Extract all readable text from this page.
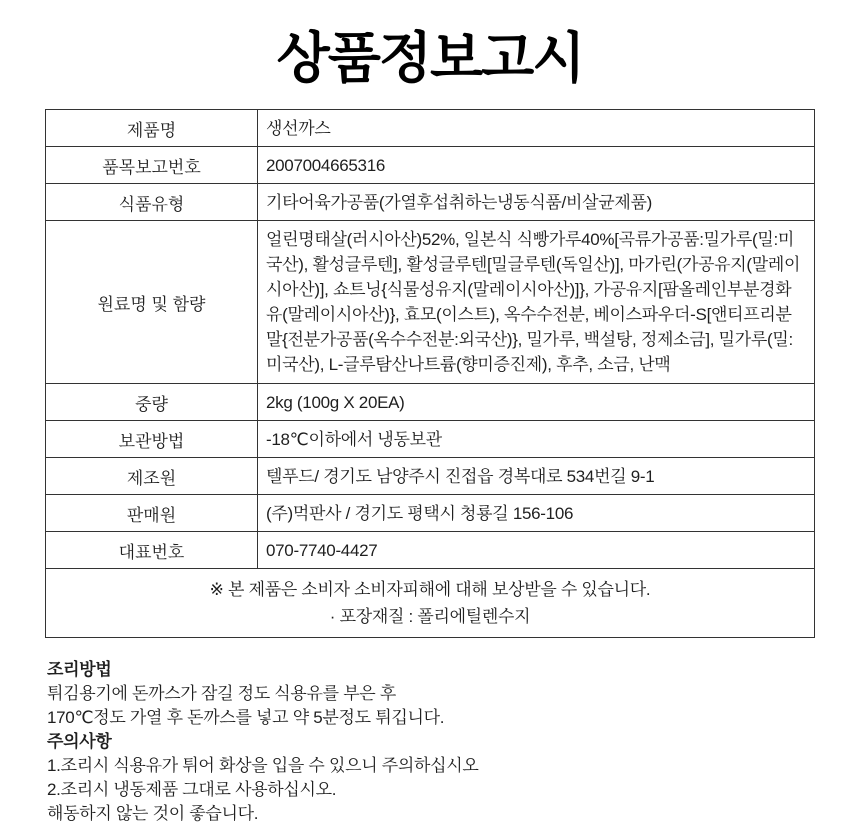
상품정보고시
제품명	생선까스
품목보고번호	2007004665316
식품유형	기타어육가공품(가열후섭취하는냉동식품/비살균제품)
원료명 및 함량	얼린명태살(러시아산)52%, 일본식 식빵가루40%[곡류가공품:밀가루(밀:미국산), 활성글루텐], 활성글루텐[밀글루텐(독일산)], 마가린(가공유지(말레이시아산)], 쇼트닝{식물성유지(말레이시아산)]}, 가공유지[팜올레인부분경화유(말레이시아산)}, 효모(이스트), 옥수수전분, 베이스파우더-S[앤티프리분말{전분가공품(옥수수전분:외국산)}, 밀가루, 백설탕, 정제소금], 밀가루(밀:미국산), L-글루탐산나트륨(향미증진제), 후추, 소금, 난맥
중량	2kg (100g X 20EA)
보관방법	-18℃이하에서 냉동보관
제조원	텔푸드/ 경기도 남양주시 진접읍 경복대로 534번길 9-1
판매원	(주)먹판사 / 경기도 평택시 청룡길 156-106
대표번호	070-7740-4427

※ 본 제품은 소비자 소비자피해에 대해 보상받을 수 있습니다.
· 포장재질 : 폴리에틸렌수지	
조리방법
튀김용기에 돈까스가 잠길 정도 식용유를 부은 후
170℃정도 가열 후 돈까스를 넣고 약 5분정도 튀깁니다.
주의사항
1.조리시 식용유가 튀어 화상을 입을 수 있으니 주의하십시오
2.조리시 냉동제품 그대로 사용하십시오.
해동하지 않는 것이 좋습니다.
